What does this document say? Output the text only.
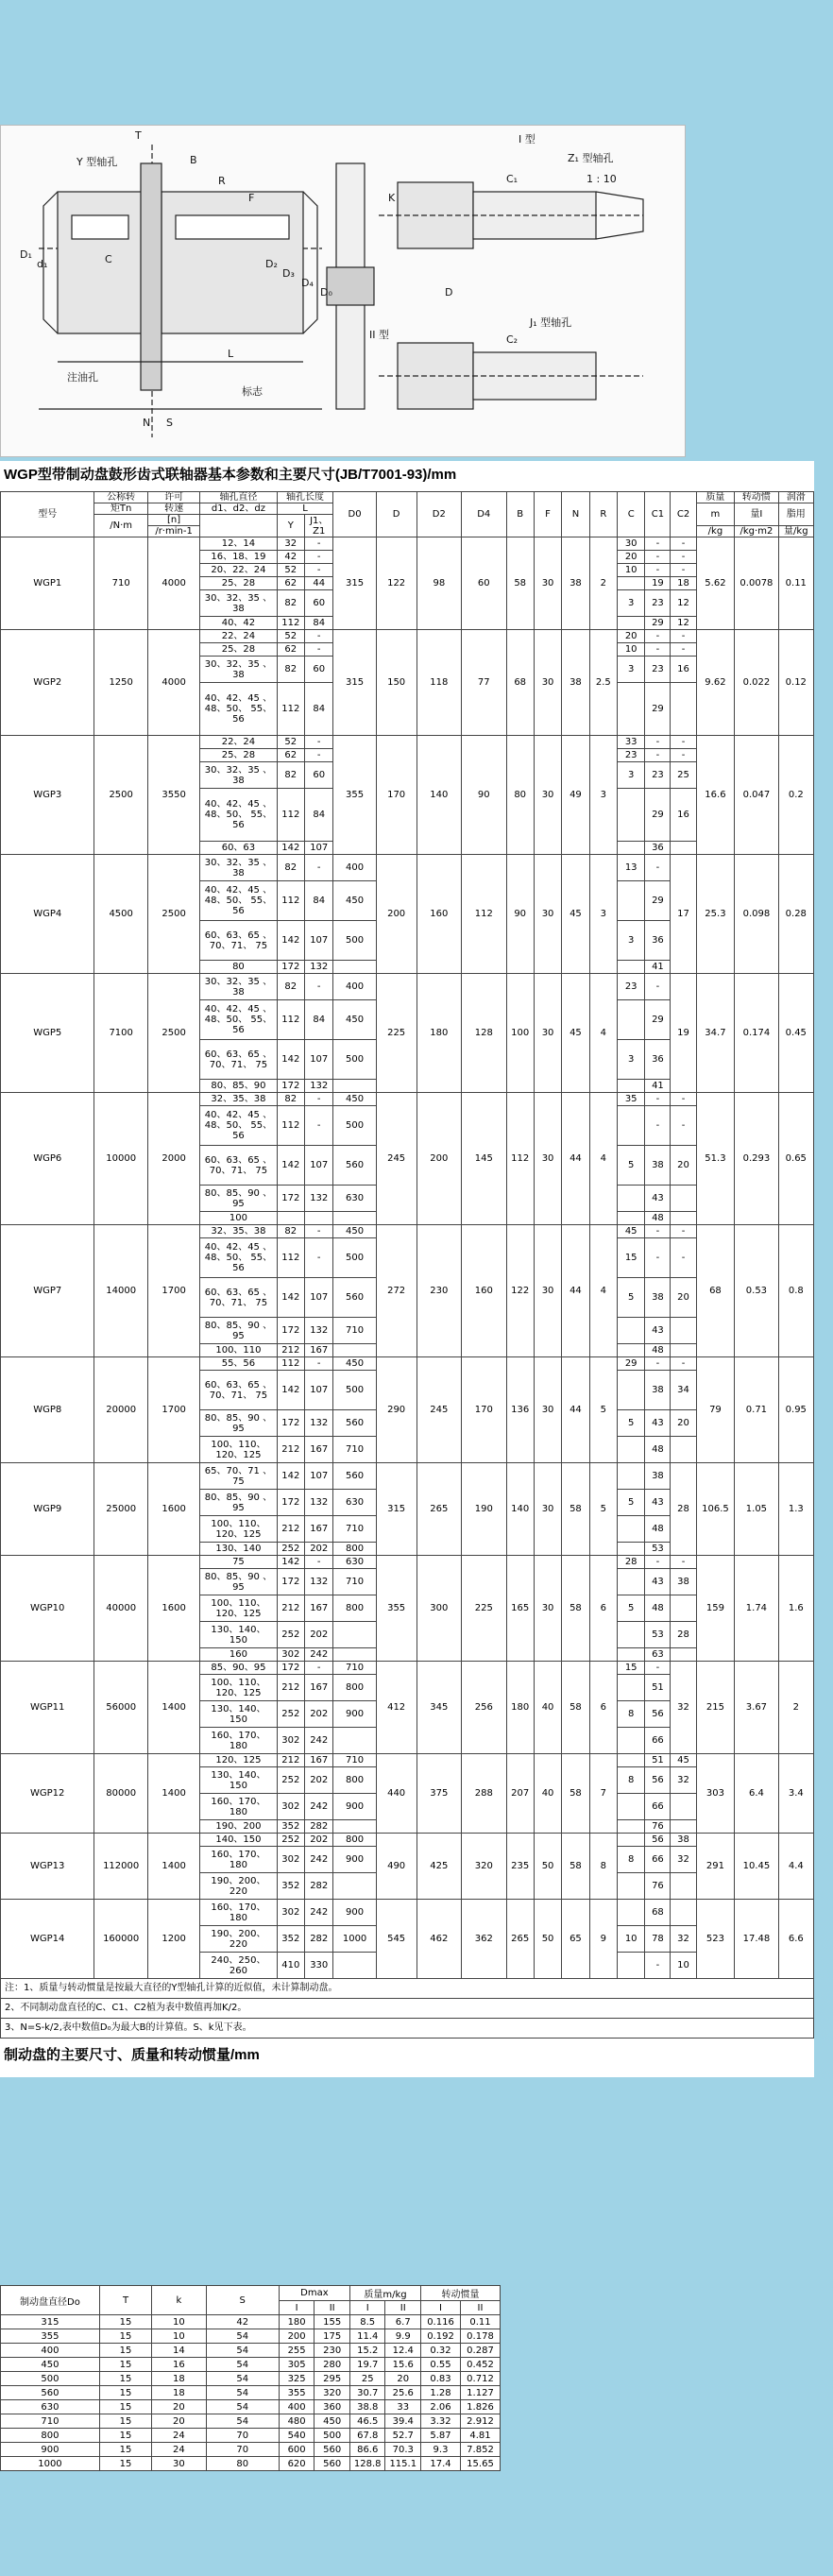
I 型
II 型
Y 型轴孔	Z₁ 型轴孔
1 : 10
J₁ 型轴孔
注油孔
标志
T
B
R
F
N S
C
L
D₁
d₁	D₂
D₃
D₄
D₀	D
K
C₁
C₂
WGP型带制动盘鼓形齿式联轴器基本参数和主要尺寸(JB/T7001-93)/mm
型号	公称转	许可	轴孔直径	轴孔长度		D0	D	D2	D4	B	F	N	R	C	C1	C2	质量	转动惯	润滑
	矩Tn	转速	d1、d2、dz	L													m	量I	脂用
	/N·m	[n]		Y	J1、Z1														
		/r·min-1															/kg	/kg·m2	量/kg
WGP1	710	4000	12、14	32	-	315	122	98	60	58	30	38	2	30	-	-	5.62	0.0078	0.11
			16、18、19	42	-									20	-	-			
			20、22、24	52	-									10	-	-			
			25、28	62	44										19	18			
			30、32、35 、38	82	60									3	23	12			
			40、42	112	84										29	12			
WGP2	1250	4000	22、24	52	-	315	150	118	77	68	30	38	2.5	20	-	-	9.62	0.022	0.12
			25、28	62	-									10	-	-			
			30、32、35 、38	82	60									3	23	16			
			40、42、45 、48、50、 55、56	112	84										29				
WGP3	2500	3550	22、24	52	-	355	170	140	90	80	30	49	3	33	-	-	16.6	0.047	0.2
			25、28	62	-									23	-	-			
			30、32、35 、38	82	60									3	23	25			
			40、42、45 、48、50、 55、56	112	84										29	16			
			60、63	142	107										36				
WGP4	4500	2500	30、32、35 、38	82	-	400	200	160	112	90	30	45	3	13	-	17	25.3	0.098	0.28
			40、42、45 、48、50、 55、56	112	84	450									29				
			60、63、65 、70、71、 75	142	107	500								3	36				
			80	172	132										41				
WGP5	7100	2500	30、32、35 、38	82	-	400	225	180	128	100	30	45	4	23	-	19	34.7	0.174	0.45
			40、42、45 、48、50、 55、56	112	84	450									29				
			60、63、65 、70、71、 75	142	107	500								3	36				
			80、85、90	172	132										41				
WGP6	10000	2000	32、35、38	82	-	450	245	200	145	112	30	44	4	35	-	-	51.3	0.293	0.65
			40、42、45 、48、50、 55、56	112	-	500									-	-			
			60、63、65 、70、71、 75	142	107	560								5	38	20			
			80、85、90 、95	172	132	630									43				
			100												48				
WGP7	14000	1700	32、35、38	82	-	450	272	230	160	122	30	44	4	45	-	-	68	0.53	0.8
			40、42、45 、48、50、 55、56	112	-	500								15	-	-			
			60、63、65 、70、71、 75	142	107	560								5	38	20			
			80、85、90 、95	172	132	710									43				
			100、110	212	167										48				
WGP8	20000	1700	55、56	112	-	450	290	245	170	136	30	44	5	29	-	-	79	0.71	0.95
			60、63、65 、70、71、 75	142	107	500									38	34			
			80、85、90 、95	172	132	560								5	43	20			
			100、110、 120、125	212	167	710									48				
WGP9	25000	1600	65、70、71 、75	142	107	560	315	265	190	140	30	58	5		38	28	106.5	1.05	1.3
			80、85、90 、95	172	132	630								5	43				
			100、110、 120、125	212	167	710									48				
			130、140	252	202	800									53				
WGP10	40000	1600	75	142	-	630	355	300	225	165	30	58	6	28	-	-	159	1.74	1.6
			80、85、90 、95	172	132	710									43	38			
			100、110、 120、125	212	167	800								5	48				
			130、140、 150	252	202										53	28			
			160	302	242										63				
WGP11	56000	1400	85、90、95	172	-	710	412	345	256	180	40	58	6	15	-	32	215	3.67	2
			100、110、 120、125	212	167	800									51				
			130、140、 150	252	202	900								8	56				
			160、170、 180	302	242										66				
WGP12	80000	1400	120、125	212	167	710	440	375	288	207	40	58	7		51	45	303	6.4	3.4
			130、140、 150	252	202	800								8	56	32			
			160、170、 180	302	242	900									66				
			190、200	352	282										76				
WGP13	112000	1400	140、150	252	202	800	490	425	320	235	50	58	8		56	38	291	10.45	4.4
			160、170、 180	302	242	900								8	66	32			
			190、200、 220	352	282										76				
WGP14	160000	1200	160、170、 180	302	242	900	545	462	362	265	50	65	9		68		523	17.48	6.6
			190、200、 220	352	282	1000								10	78	32			
			240、250、 260	410	330										-	10			
注：1、质量与转动惯量是按最大直径的Y型轴孔计算的近似值，未计算制动盘。
2、不同制动盘直径的C、C1、C2植为表中数值再加K/2。
3、N=S-k/2,表中数值D₀为最大B的计算值。S、k见下表。
制动盘的主要尺寸、质量和转动惯量/mm
制动盘直径Do	T	k	S	Dmax		质量m/kg		转动惯量	
				I	II	I	II	I	II
315	15	10	42	180	155	8.5	6.7	0.116	0.11
355	15	10	54	200	175	11.4	9.9	0.192	0.178
400	15	14	54	255	230	15.2	12.4	0.32	0.287
450	15	16	54	305	280	19.7	15.6	0.55	0.452
500	15	18	54	325	295	25	20	0.83	0.712
560	15	18	54	355	320	30.7	25.6	1.28	1.127
630	15	20	54	400	360	38.8	33	2.06	1.826
710	15	20	54	480	450	46.5	39.4	3.32	2.912
800	15	24	70	540	500	67.8	52.7	5.87	4.81
900	15	24	70	600	560	86.6	70.3	9.3	7.852
1000	15	30	80	620	560	128.8	115.1	17.4	15.65
